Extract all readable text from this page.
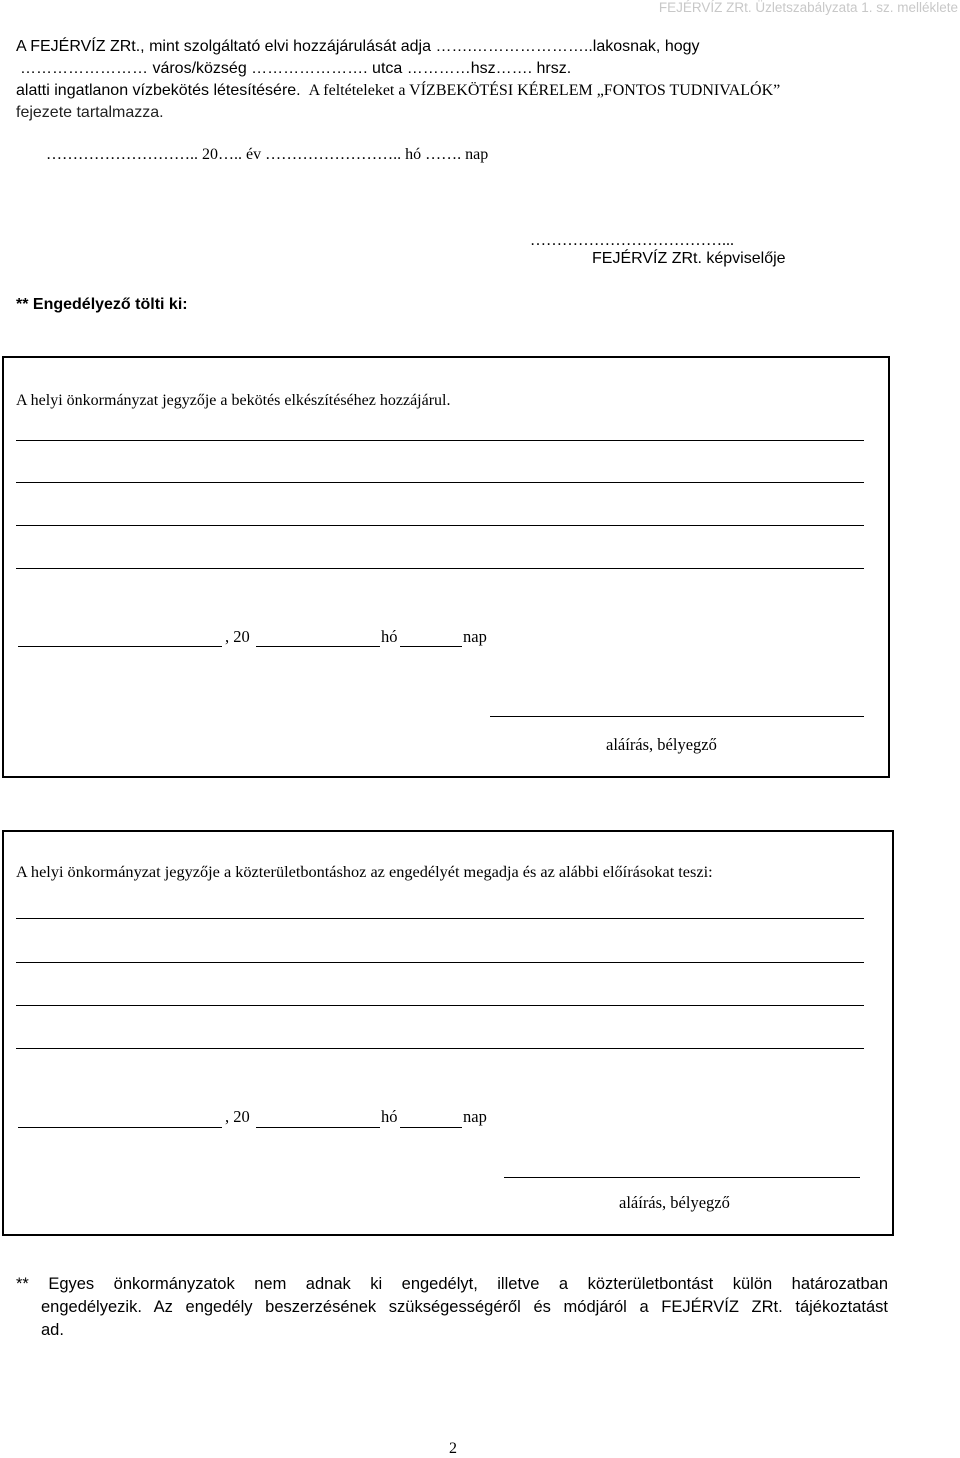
FEJÉRVÍZ ZRt. Üzletszabályzata 1. sz. melléklete
A FEJÉRVÍZ ZRt., mint szolgáltató elvi hozzájárulását adja …….…………………..lakosnak, hogy
…………………… város/község …………………. utca …………hsz……. hrsz.
alatti ingatlanon vízbekötés létesítésére. A feltételeket a VÍZBEKÖTÉSI KÉRELEM „FONTOS TUDNIVALÓK”
fejezete tartalmazza.
……………………….. 20….. év …………………….. hó ……. nap
………………………………...
FEJÉRVÍZ ZRt. képviselője
** Engedélyező tölti ki:
A helyi önkormányzat jegyzője a bekötés elkészítéséhez hozzájárul.
, 20	hó	nap
aláírás, bélyegző
A helyi önkormányzat jegyzője a közterületbontáshoz az engedélyét megadja és az alábbi előírásokat teszi:
, 20	hó	nap
aláírás, bélyegző
** Egyes önkormányzatok nem adnak ki engedélyt, illetve a közterületbontást külön határozatban
engedélyezik. Az engedély beszerzésének szükségességéről és módjáról a FEJÉRVÍZ ZRt. tájékoztatást
ad.
2
